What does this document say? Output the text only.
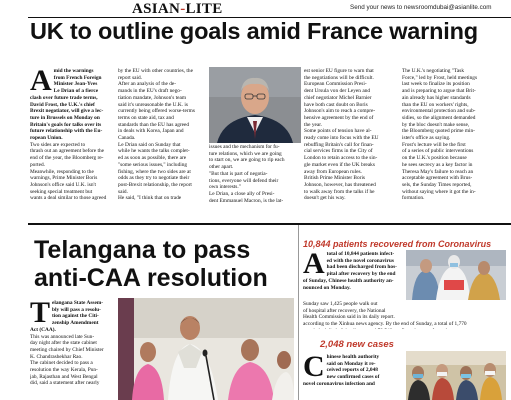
ASIAN-LITE	Send your news to newsroomdubai@asianlite.com
UK to outline goals amid France warning
A mid the warnings

from French Foreign

Minister Jean-Yves

Le Drian of a fierce

clash over future trade terms,

David Frost, the U.K.'s chief

Brexit negotiator, will give a lec-

ture in Brussels on Monday on

Britain's goals for talks over its

future relationship with the Eu-

ropean Union.

Two sides are expected to

thrash out an agreement before the

end of the year, the Bloomberg re-

ported.

Meanwhile, responding to the

warnings, Prime Minister Boris

Johnson's office said U.K. isn't

seeking special treatment but

wants a deal similar to those agreed

by the EU with other countries, the

report said.

After an analysis of the de-

mands in the EU's draft nego-

tiation mandate, Johnson's team

said it's unreasonable the U.K. is

currently being offered worse-terms

terms on state aid, tax and

standards than the EU has agreed

in deals with Korea, Japan and

Canada.

Le Drian said on Sunday that

while he wants the talks complet-

ed as soon as possible, there are

"some serious issues," including

fishing, where the two sides are at

odds as they try to negotiate their

post-Brexit relationship, the report

said.

He said, "I think that on trade

issues and the mechanism for fu-

ture relations, which we are going

to start on, we are going to rip each

other apart.

"But that is part of negotia-

tions, everyone will defend their

own interests."

Le Drian, a close ally of Presi-

dent Emmanuel Macron, is the lat-

est senior EU figure to warn that

the negotiations will be difficult.

European Commission Presi-

dent Ursula von der Leyen and

chief negotiator Michel Barnier

have both cast doubt on Boris

Johnson's aim to reach a compre-

hensive agreement by the end of

the year.

Some points of tension have al-

ready come into focus with the EU

rebuffing Britain's call for finan-

cial services firms in the City of

London to retain access to the sin-

gle market even if the UK breaks

away from European rules.

British Prime Minister Boris

Johnson, however, has threatened

to walk away from the talks if he

doesn't get his way.

The U.K.'s negotiating "Task

Force," led by Frost, held meetings

last week to finalize its position

and is preparing to argue that Brit-

ain already has higher standards

than the EU on workers' rights,

environmental protection and sub-

sidies, so the alignment demanded

by the bloc doesn't make sense,

the Bloomberg quoted prime min-

ister's office as saying.

Frost's lecture will be the first

of a series of public interventions

on the U.K.'s position because

he sees secrecy as a key factor in

Theresa May's failure to reach an

acceptable agreement with Brus-

sels, the Sunday Times reported,

without saying where it got the in-

formation.

Telangana to pass
anti-CAA resolution
T elangana State Assem-

bly will pass a resolu-

tion against the Citi-

zenship Amendment

Act (CAA).

This was announced late Sun-

day night after the state cabinet

meeting chaired by Chief Minister

K. Chandrashekhar Rao.

The cabinet decided to pass a

resolution the way Kerala, Pun-

jab, Rajasthan and West Bengal

did, said a statement after nearly

10,844 patients recovered from Coronavirus
A total of 10,844 patients infect-

ed with the novel coronavirus

had been discharged from hos-

pital after recovery by the end

of Sunday, Chinese health authority an-

nounced on Monday.

Sunday saw 1,425 people walk out

of hospital after recovery, the National

Health Commission said in its daily report.

according to the Xinhua news agency. By the end of Sunday, a total of 1,770

2,048 new cases
C hinese health authority

said on Monday it re-

ceived reports of 2,048

new confirmed cases of

novel coronavirus infection and
